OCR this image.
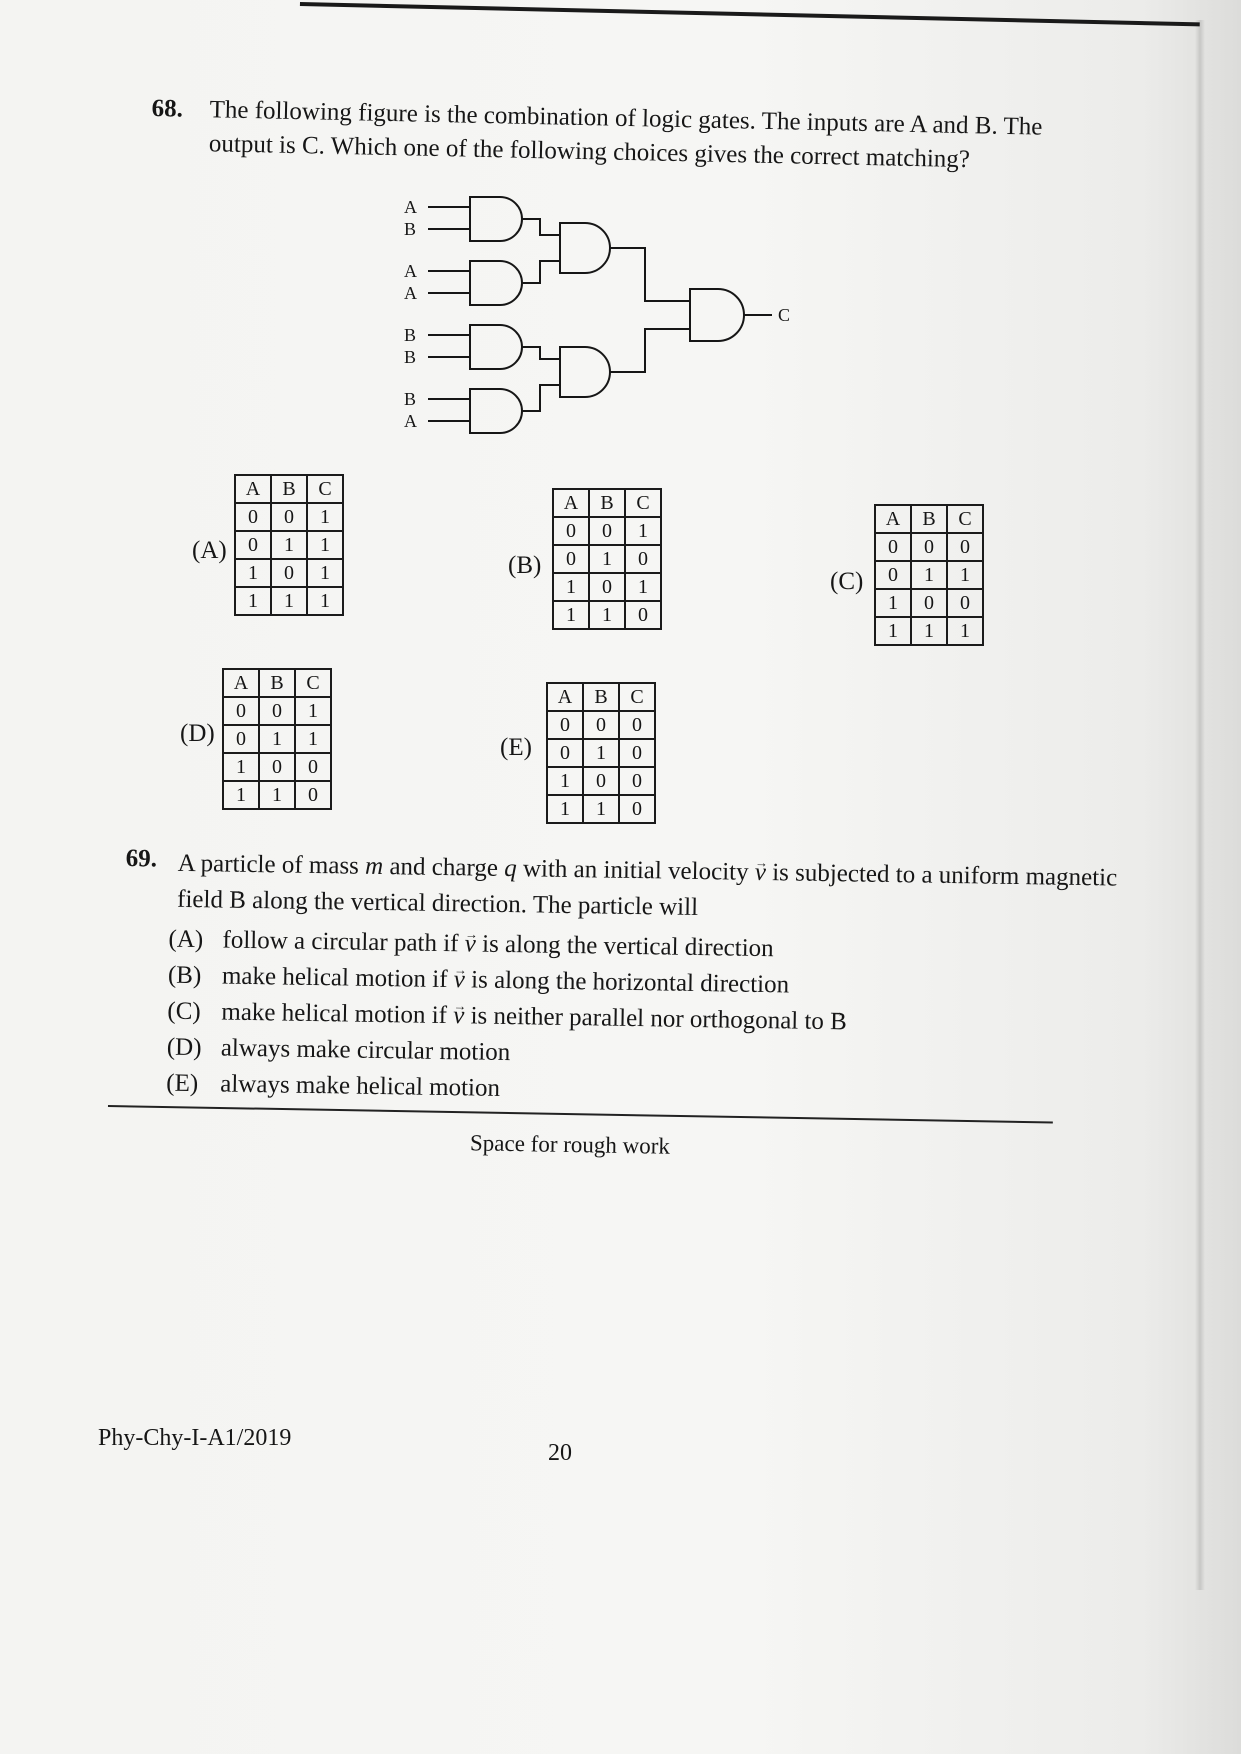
68. The following figure is the combination of logic gates. The inputs are A and B. The output is C. Which one of the following choices gives the correct matching?
A
B
A
A
B
B
B
A
C
(A)
A	B	C
0	0	1
0	1	1
1	0	1
1	1	1
(B)
A	B	C
0	0	1
0	1	0
1	0	1
1	1	0
(C)
A	B	C
0	0	0
0	1	1
1	0	0
1	1	1
(D)
A	B	C
0	0	1
0	1	1
1	0	0
1	1	0
(E)
A	B	C
0	0	0
0	1	0
1	0	0
1	1	0
69. A particle of mass m and charge q with an initial velocity → v is subjected to a uniform magnetic field → B along the vertical direction. The particle will
(A) follow a circular path if → v is along the vertical direction
(B) make helical motion if → v is along the horizontal direction
(C) make helical motion if → v is neither parallel nor orthogonal to → B
(D) always make circular motion
(E) always make helical motion
Space for rough work
Phy-Chy-I-A1/2019
20
